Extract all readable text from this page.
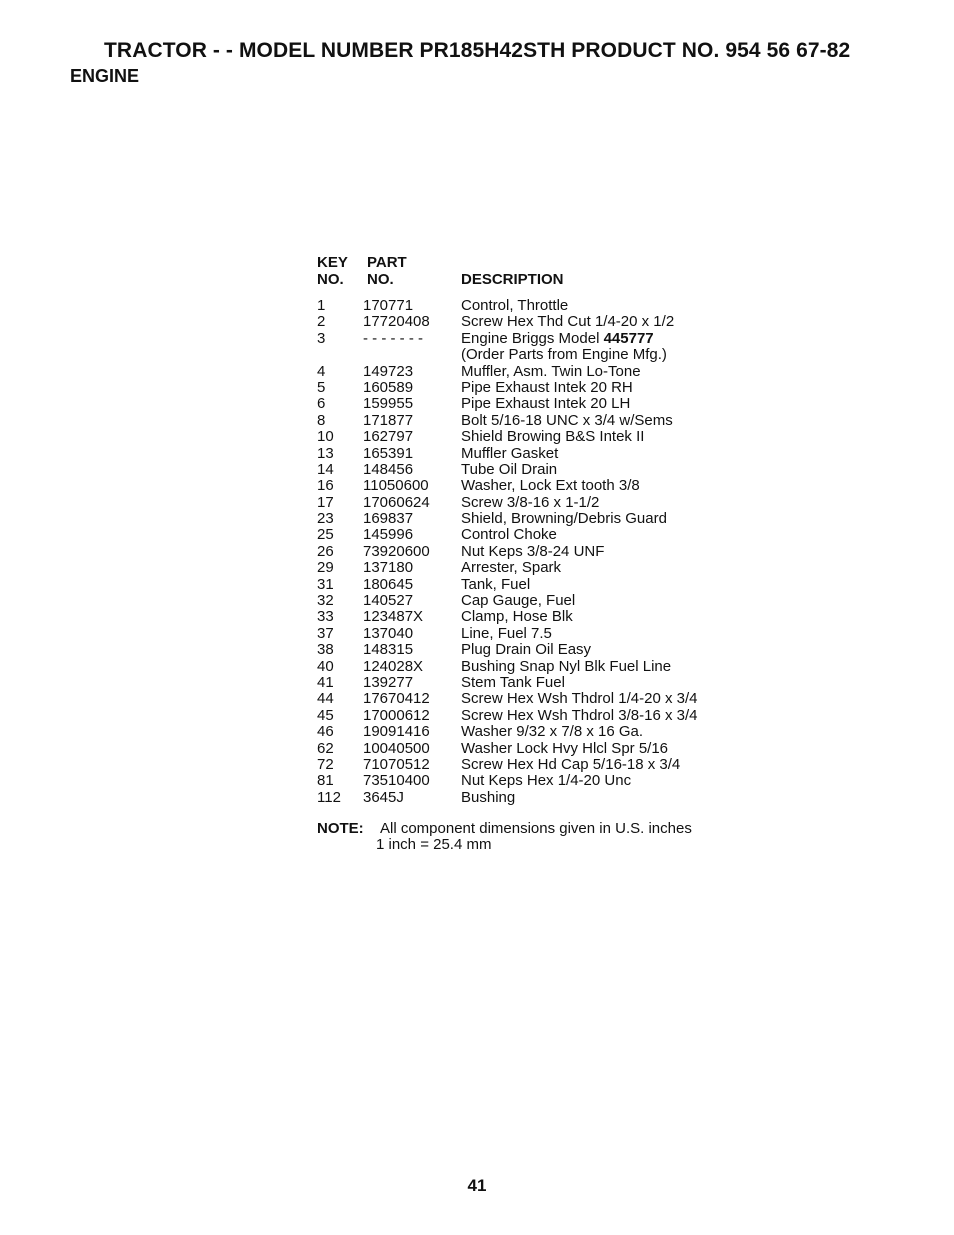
TRACTOR - - MODEL NUMBER PR185H42STH PRODUCT NO. 954 56 67-82
ENGINE
KEY
NO.
PART
NO.	DESCRIPTION
1	170771	Control, Throttle
2	17720408 Screw Hex Thd Cut 1/4-20 x 1/2
3	- - - - - - -	Engine Briggs Model 445777
(Order Parts from Engine Mfg.)
4	149723	Muffler, Asm. Twin Lo-Tone
5	160589	Pipe Exhaust Intek 20 RH
6	159955	Pipe Exhaust Intek 20 LH
8	171877	Bolt 5/16-18 UNC x 3/4 w/Sems
10 162797	Shield Browing B&S Intek II
13 165391	Muffler Gasket
14 148456	Tube Oil Drain
16 11050600 Washer, Lock Ext tooth 3/8
17 17060624 Screw 3/8-16 x 1-1/2
23 169837	Shield, Browning/Debris Guard
25 145996	Control Choke
26 73920600 Nut Keps 3/8-24 UNF
29 137180	Arrester, Spark
31 180645	Tank, Fuel
32 140527	Cap Gauge, Fuel
33 123487X	Clamp, Hose Blk
37 137040	Line, Fuel 7.5
38 148315	Plug Drain Oil Easy
40 124028X	Bushing Snap Nyl Blk Fuel Line
41 139277	Stem Tank Fuel
44 17670412 Screw Hex Wsh Thdrol 1/4-20 x 3/4
45 17000612 Screw Hex Wsh Thdrol 3/8-16 x 3/4
46 19091416 Washer 9/32 x 7/8 x 16 Ga.
62 10040500 Washer Lock Hvy Hlcl Spr 5/16
72 71070512 Screw Hex Hd Cap 5/16-18 x 3/4
81 73510400 Nut Keps Hex 1/4-20 Unc
112 3645J	Bushing
NOTE: All component dimensions given in U.S. inches
1 inch = 25.4 mm
41
